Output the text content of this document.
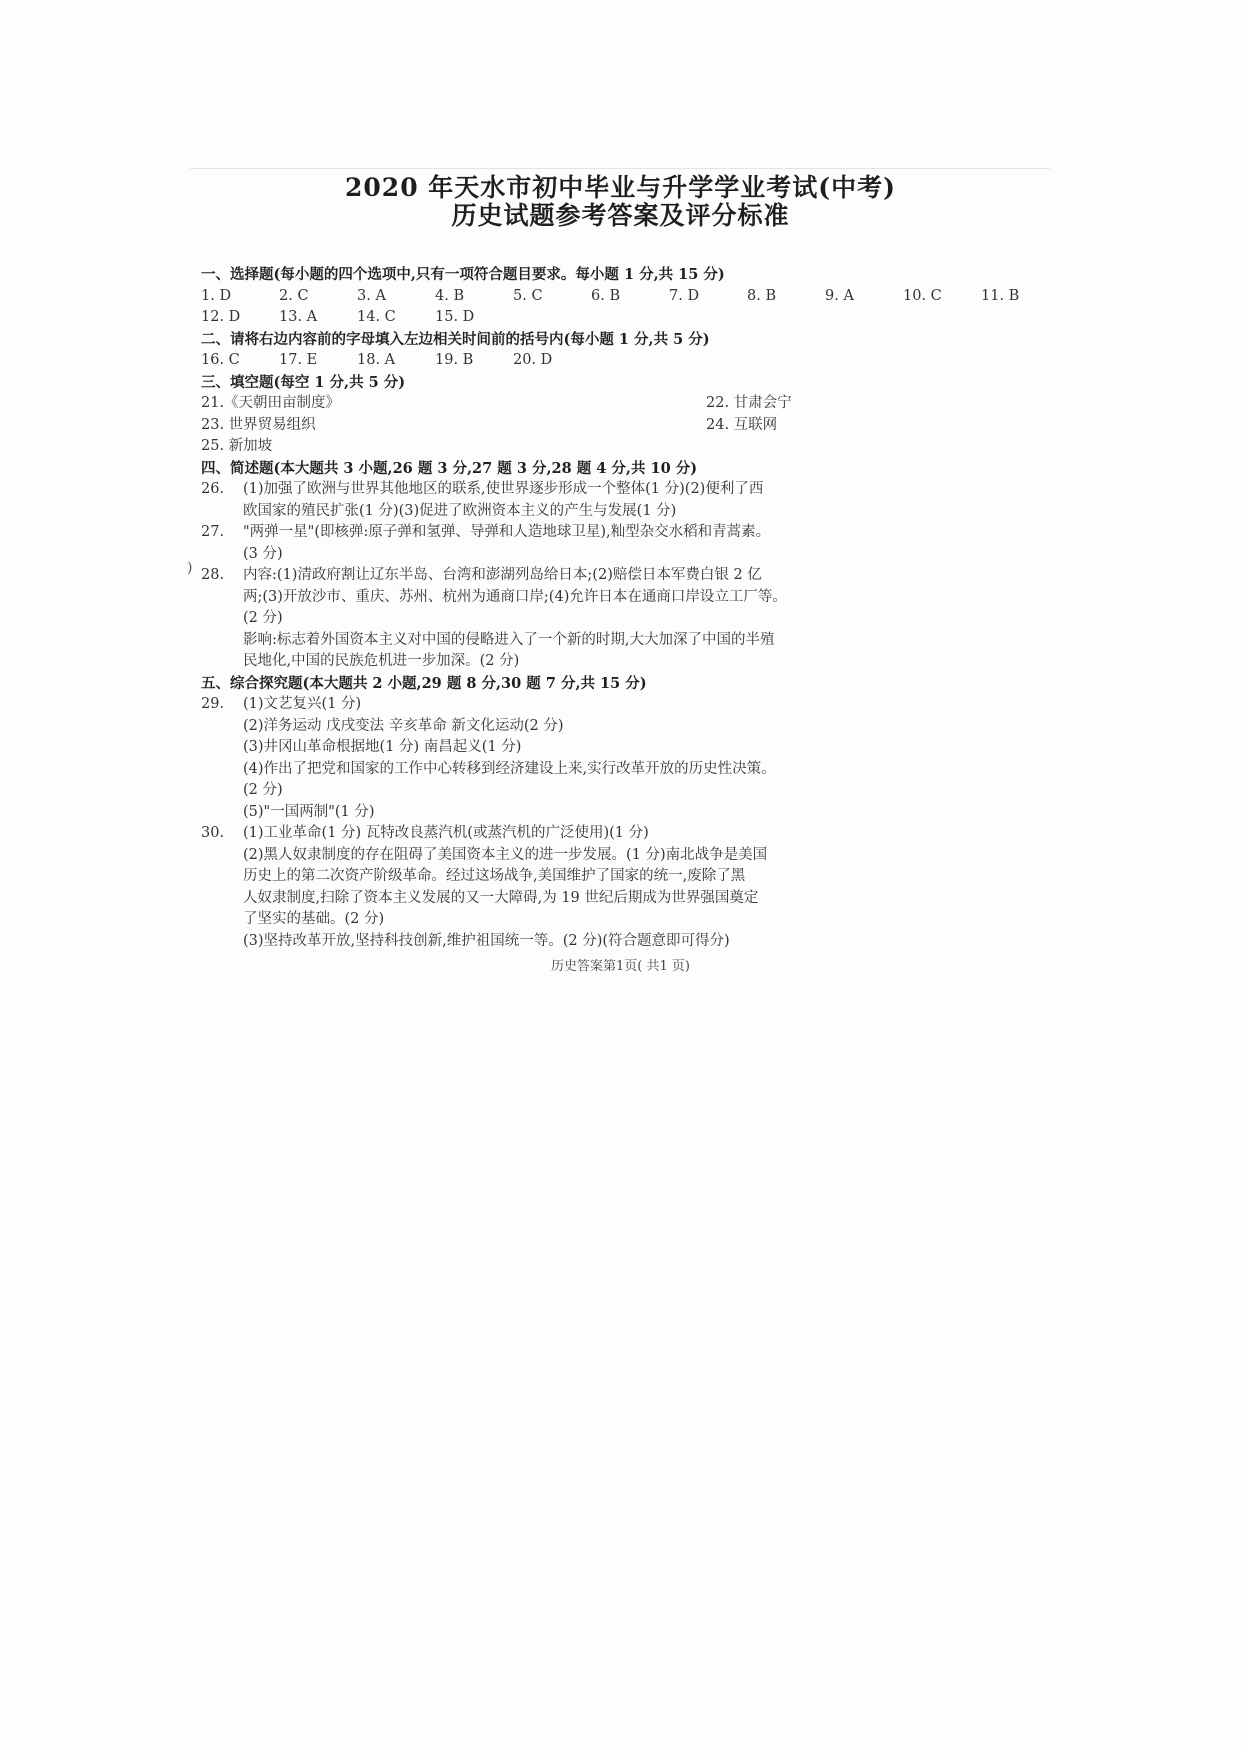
2020 年天水市初中毕业与升学学业考试(中考)
历史试题参考答案及评分标准
)
一、选择题(每小题的四个选项中,只有一项符合题目要求。每小题 1 分,共 15 分)
1. D	2. C	3. A	4. B	5. C	6. B	7. D	8. B	9. A	10. C	11. B
12. D	13. A	14. C	15. D
二、请将右边内容前的字母填入左边相关时间前的括号内(每小题 1 分,共 5 分)
16. C	17. E	18. A	19. B	20. D
三、填空题(每空 1 分,共 5 分)
21.《天朝田亩制度》	22. 甘肃会宁
23. 世界贸易组织	24. 互联网
25. 新加坡
四、简述题(本大题共 3 小题,26 题 3 分,27 题 3 分,28 题 4 分,共 10 分)
26.	(1)加强了欧洲与世界其他地区的联系,使世界逐步形成一个整体(1 分)(2)便利了西
欧国家的殖民扩张(1 分)(3)促进了欧洲资本主义的产生与发展(1 分)
27.	"两弹一星"(即核弹:原子弹和氢弹、导弹和人造地球卫星),籼型杂交水稻和青蒿素。
(3 分)
28.	内容:(1)清政府割让辽东半岛、台湾和澎湖列岛给日本;(2)赔偿日本军费白银 2 亿
两;(3)开放沙市、重庆、苏州、杭州为通商口岸;(4)允许日本在通商口岸设立工厂等。
(2 分)
影响:标志着外国资本主义对中国的侵略进入了一个新的时期,大大加深了中国的半殖
民地化,中国的民族危机进一步加深。(2 分)
五、综合探究题(本大题共 2 小题,29 题 8 分,30 题 7 分,共 15 分)
29.	(1)文艺复兴(1 分)
(2)洋务运动 戊戌变法 辛亥革命 新文化运动(2 分)
(3)井冈山革命根据地(1 分) 南昌起义(1 分)
(4)作出了把党和国家的工作中心转移到经济建设上来,实行改革开放的历史性决策。
(2 分)
(5)"一国两制"(1 分)
30.	(1)工业革命(1 分) 瓦特改良蒸汽机(或蒸汽机的广泛使用)(1 分)
(2)黑人奴隶制度的存在阻碍了美国资本主义的进一步发展。(1 分)南北战争是美国
历史上的第二次资产阶级革命。经过这场战争,美国维护了国家的统一,废除了黑
人奴隶制度,扫除了资本主义发展的又一大障碍,为 19 世纪后期成为世界强国奠定
了坚实的基础。(2 分)
(3)坚持改革开放,坚持科技创新,维护祖国统一等。(2 分)(符合题意即可得分)
历史答案第1页( 共1 页)
